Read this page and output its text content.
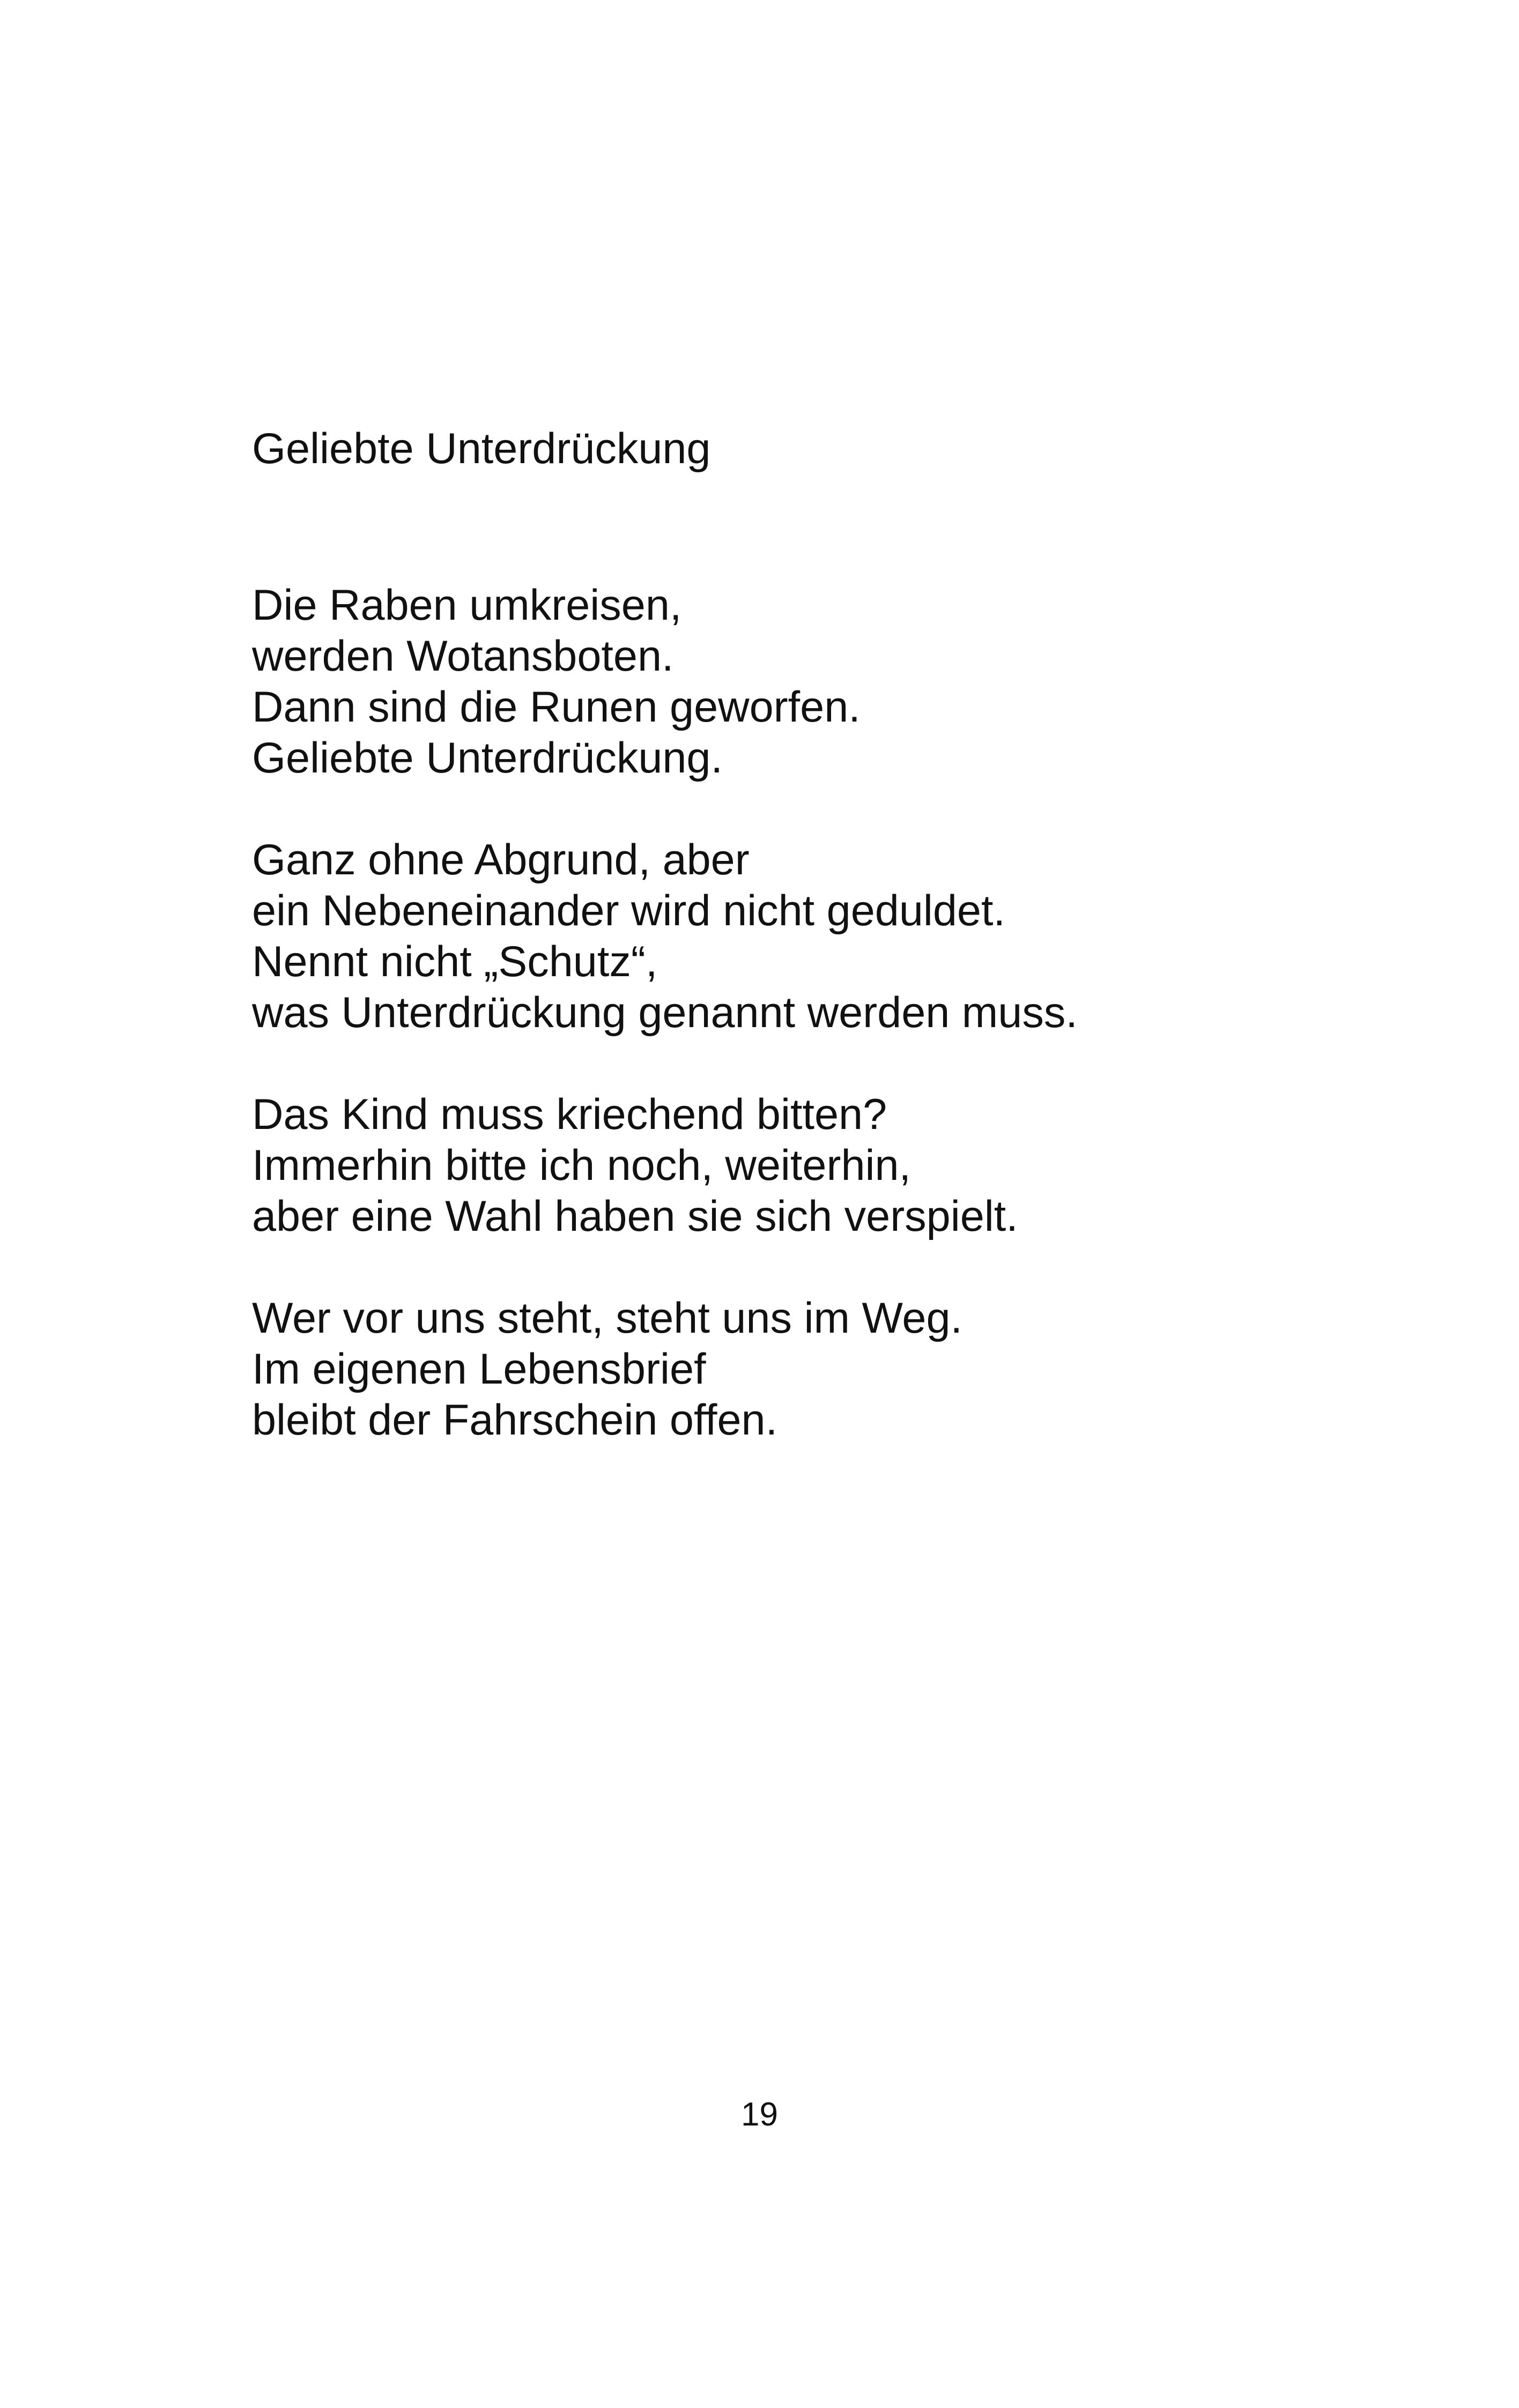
Geliebte Unterdrückung
Die Raben umkreisen,
werden Wotansboten.
Dann sind die Runen geworfen.
Geliebte Unterdrückung.
Ganz ohne Abgrund, aber
ein Nebeneinander wird nicht geduldet.
Nennt nicht „Schutz“,
was Unterdrückung genannt werden muss.
Das Kind muss kriechend bitten?
Immerhin bitte ich noch, weiterhin,
aber eine Wahl haben sie sich verspielt.
Wer vor uns steht, steht uns im Weg.
Im eigenen Lebensbrief
bleibt der Fahrschein offen.
19
